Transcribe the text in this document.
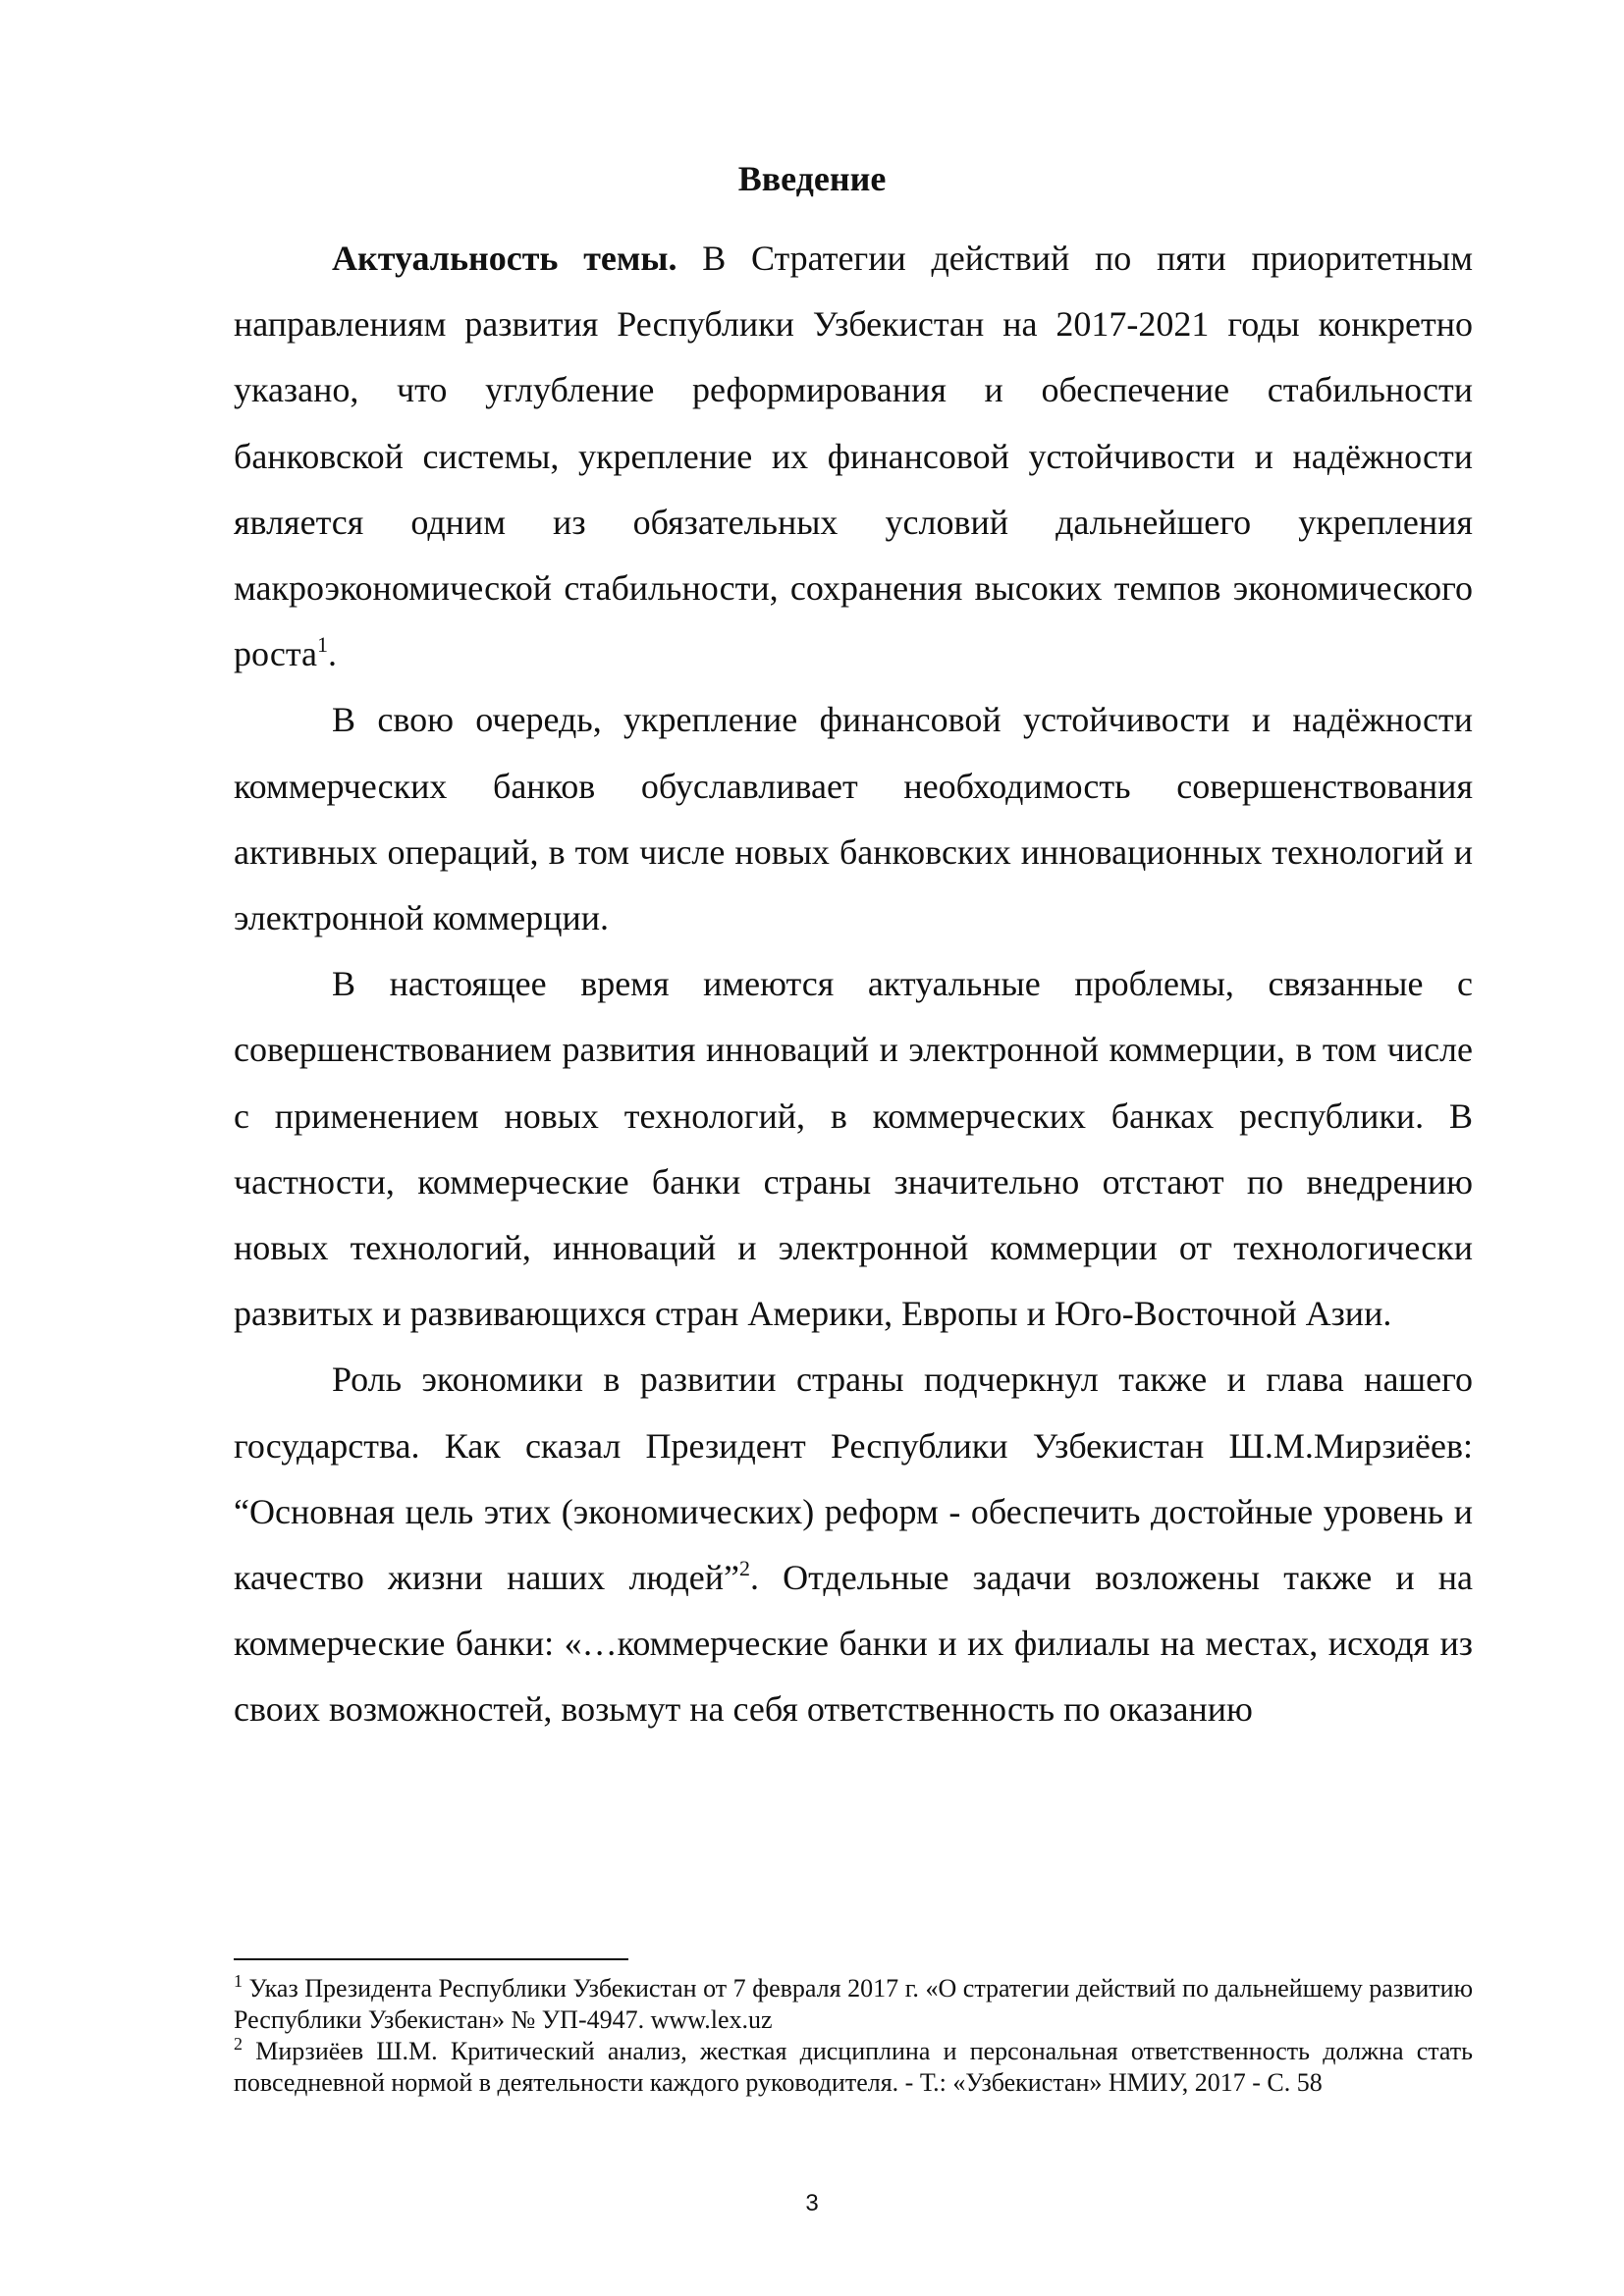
Введение

Актуальность темы. В Стратегии действий по пяти приоритетным направлениям развития Республики Узбекистан на 2017-2021 годы конкретно указано, что углубление реформирования и обеспечение стабильности банковской системы, укрепление их финансовой устойчивости и надёжности является одним из обязательных условий дальнейшего укрепления макроэкономической стабильности, сохранения высоких темпов экономического роста$^1$.

В свою очередь, укрепление финансовой устойчивости и надёжности коммерческих банков обуславливает необходимость совершенствования активных операций, в том числе новых банковских инновационных технологий и электронной коммерции.

В настоящее время имеются актуальные проблемы, связанные с совершенствованием развития инноваций и электронной коммерции, в том числе с применением новых технологий, в коммерческих банках республики. В частности, коммерческие банки страны значительно отстают по внедрению новых технологий, инноваций и электронной коммерции от технологически развитых и развивающихся стран Америки, Европы и Юго-Восточной Азии.

Роль экономики в развитии страны подчеркнул также и глава нашего государства. Как сказал Президент Республики Узбекистан Ш.М.Мирзиёев: “Основная цель этих (экономических) реформ - обеспечить достойные уровень и качество жизни наших людей”$^2$. Отдельные задачи возложены также и на коммерческие банки: «…коммерческие банки и их филиалы на местах, исходя из своих возможностей, возьмут на себя ответственность по оказанию

$^1$ Указ Президента Республики Узбекистан от 7 февраля 2017 г. «О стратегии действий по дальнейшему развитию Республики Узбекистан» № УП-4947. www.lex.uz

$^2$ Мирзиёев Ш.М. Критический анализ, жесткая дисциплина и персональная ответственность должна стать повседневной нормой в деятельности каждого руководителя. - Т.: «Узбекистан» НМИУ, 2017 - С. 58

3
